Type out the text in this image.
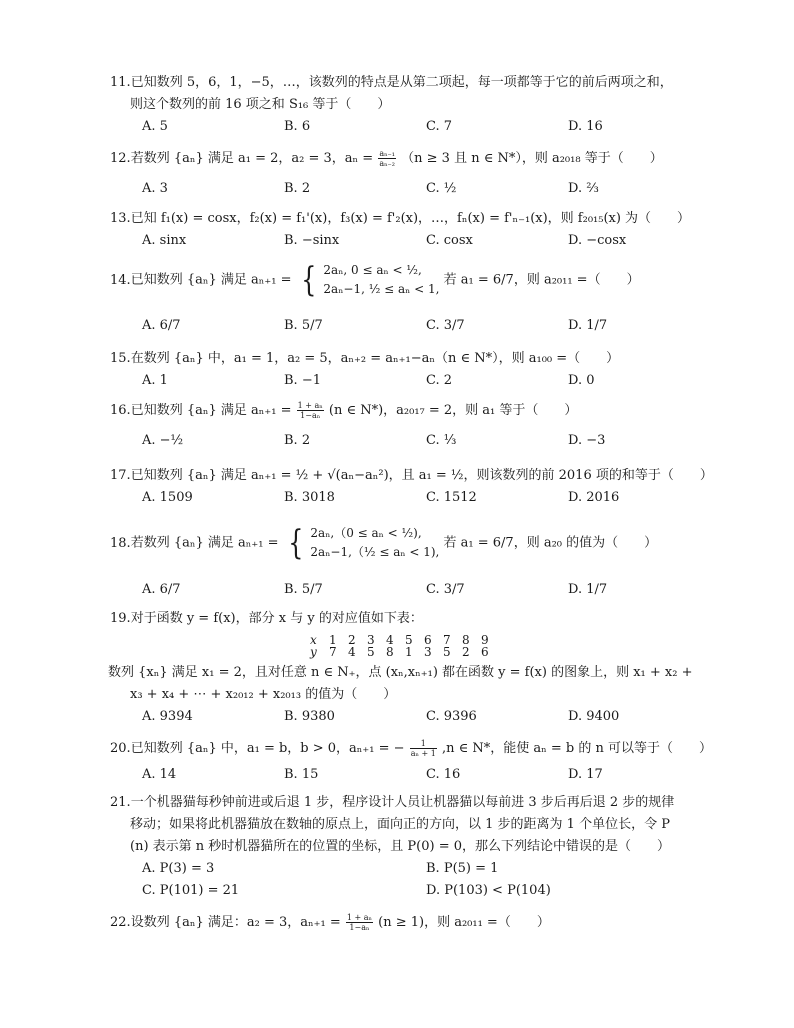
11.已知数列 5，6，1，−5，…，该数列的特点是从第二项起，每一项都等于它的前后两项之和，
则这个数列的前 16 项之和 S₁₆ 等于（　　）
A. 5	B. 6	C. 7	D. 16
12.若数列 {aₙ} 满足 a₁ = 2，a₂ = 3，$a_n = \frac{\text{aₙ₋₁}}{\text{aₙ₋₂}} (n \ge 3$ 且 n ∈ N*），则 a₂₀₁₈ 等于（　　）
A. 3	B. 2	C. ½	D. ⅔
13.已知 f₁(x) = cosx，f₂(x) = f₁'(x)，f₃(x) = f'₂(x)，…，fₙ(x) = f'ₙ₋₁(x)，则 f₂₀₁₅(x) 为（　　）
A. sinx	B. −sinx	C. cosx	D. −cosx
14.已知数列 {aₙ} 满足 aₙ₊₁ = { 2aₙ, 0 ≤ aₙ < ½,
2aₙ−1, ½ ≤ aₙ < 1,
若 a₁ = 6/7，则 a₂₀₁₁ =（　　）
A. 6/7	B. 5/7	C. 3/7	D. 1/7
15.在数列 {aₙ} 中，a₁ = 1，a₂ = 5，aₙ₊₂ = aₙ₊₁−aₙ（n ∈ N*），则 a₁₀₀ =（　　）
A. 1	B. −1	C. 2	D. 0
16.已知数列 {aₙ} 满足 $a_{n+1} = \frac{\text{1 + aₙ}}{\text{1−aₙ}} (n$ ∈ N*)，a₂₀₁₇ = 2，则 a₁ 等于（　　）
A. −½	B. 2	C. ⅓	D. −3
17.已知数列 {aₙ} 满足 aₙ₊₁ = ½ + √(aₙ−aₙ²)，且 a₁ = ½，则该数列的前 2016 项的和等于（　　）
A. 1509	B. 3018	C. 1512	D. 2016
18.若数列 {aₙ} 满足 aₙ₊₁ = { 2aₙ,（0 ≤ aₙ < ½),
2aₙ−1,（½ ≤ aₙ < 1),
若 a₁ = 6/7，则 a₂₀ 的值为（　　）
A. 6/7	B. 5/7	C. 3/7	D. 1/7
19.对于函数 y = f(x)，部分 x 与 y 的对应值如下表：
x	1 2 3 4 5 6 7 8 9
y	7 4 5 8 1 3 5 2 6
数列 {xₙ} 满足 x₁ = 2，且对任意 n ∈ N₊，点 (xₙ,xₙ₊₁) 都在函数 y = f(x) 的图象上，则 x₁ + x₂ +
x₃ + x₄ + ⋯ + x₂₀₁₂ + x₂₀₁₃ 的值为（　　）
A. 9394	B. 9380	C. 9396	D. 9400
20.已知数列 {aₙ} 中，a₁ = b，b > 0，aₙ₊₁ = − $\frac{1}{\text{aₙ + 1}} ,n$ ∈ N*，能使 aₙ = b 的 n 可以等于（　　）
A. 14	B. 15	C. 16	D. 17
21.一个机器猫每秒钟前进或后退 1 步，程序设计人员让机器猫以每前进 3 步后再后退 2 步的规律
移动；如果将此机器猫放在数轴的原点上，面向正的方向，以 1 步的距离为 1 个单位长，令 P
(n) 表示第 n 秒时机器猫所在的位置的坐标，且 P(0) = 0，那么下列结论中错误的是（　　）
A. P(3) = 3	B. P(5) = 1
C. P(101) = 21	D. P(103) < P(104)
22.设数列 {aₙ} 满足：a₂ = 3，$a_{n+1} = \frac{\text{1 + aₙ}}{\text{1−aₙ}} (n \ge 1)$，则 a₂₀₁₁ =（　　）
